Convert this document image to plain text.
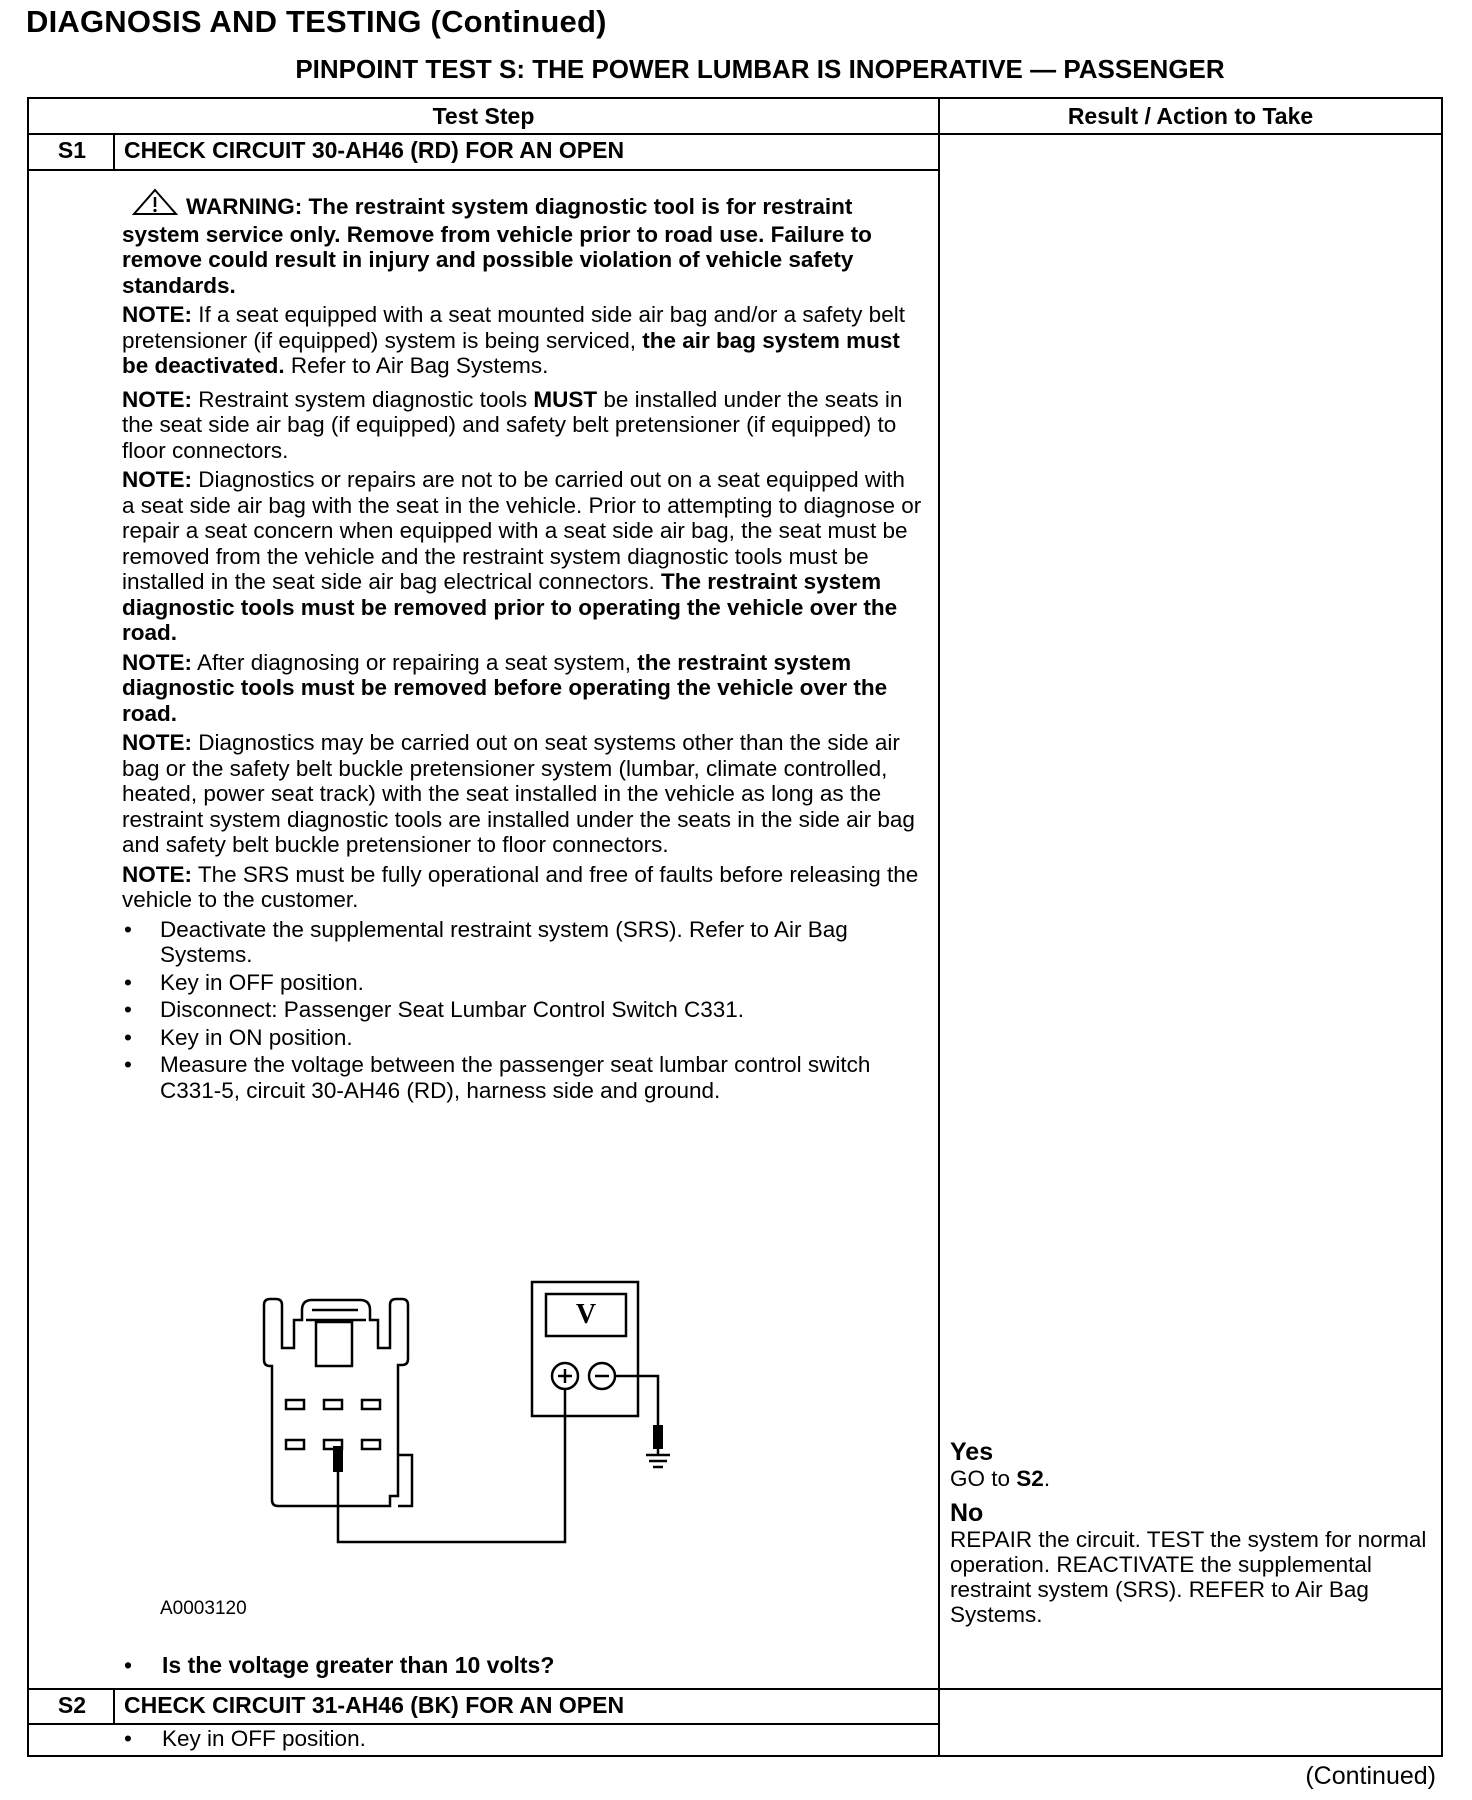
DIAGNOSIS AND TESTING (Continued)
PINPOINT TEST S: THE POWER LUMBAR IS INOPERATIVE — PASSENGER
Test Step	Result / Action to Take
S1	CHECK CIRCUIT 30-AH46 (RD) FOR AN OPEN
WARNING: The restraint system diagnostic tool is for restraint system service only. Remove from vehicle prior to road use. Failure to remove could result in injury and possible violation of vehicle safety standards.
NOTE: If a seat equipped with a seat mounted side air bag and/or a safety belt pretensioner (if equipped) system is being serviced, the air bag system must be deactivated. Refer to Air Bag Systems.
NOTE: Restraint system diagnostic tools MUST be installed under the seats in the seat side air bag (if equipped) and safety belt pretensioner (if equipped) to floor connectors.
NOTE: Diagnostics or repairs are not to be carried out on a seat equipped with a seat side air bag with the seat in the vehicle. Prior to attempting to diagnose or repair a seat concern when equipped with a seat side air bag, the seat must be removed from the vehicle and the restraint system diagnostic tools must be installed in the seat side air bag electrical connectors. The restraint system diagnostic tools must be removed prior to operating the vehicle over the road.
NOTE: After diagnosing or repairing a seat system, the restraint system diagnostic tools must be removed before operating the vehicle over the road.
NOTE: Diagnostics may be carried out on seat systems other than the side air bag or the safety belt buckle pretensioner system (lumbar, climate controlled, heated, power seat track) with the seat installed in the vehicle as long as the restraint system diagnostic tools are installed under the seats in the side air bag and safety belt buckle pretensioner to floor connectors.
NOTE: The SRS must be fully operational and free of faults before releasing the vehicle to the customer.
• Deactivate the supplemental restraint system (SRS). Refer to Air Bag Systems.
• Key in OFF position.
• Disconnect: Passenger Seat Lumbar Control Switch C331.
• Key in ON position.
• Measure the voltage between the passenger seat lumbar control switch C331-5, circuit 30-AH46 (RD), harness side and ground.
V
A0003120
• Is the voltage greater than 10 volts?
Yes
GO to S2.
No
REPAIR the circuit. TEST the system for normal operation. REACTIVATE the supplemental restraint system (SRS). REFER to Air Bag Systems.
S2	CHECK CIRCUIT 31-AH46 (BK) FOR AN OPEN
• Key in OFF position.
(Continued)
